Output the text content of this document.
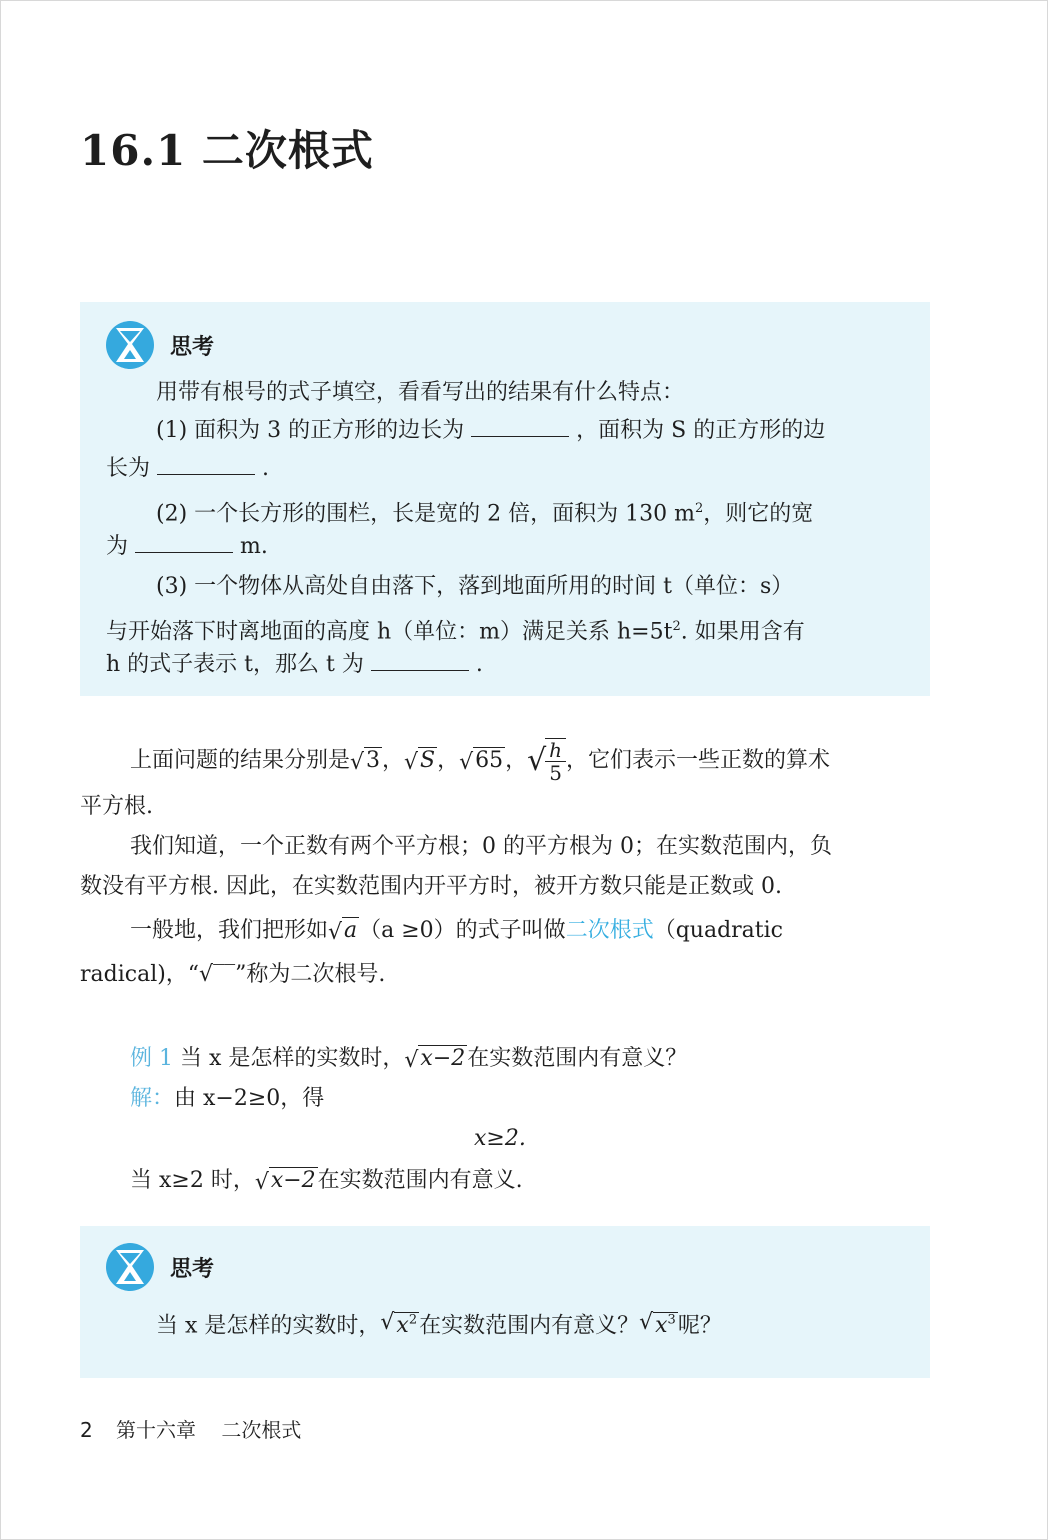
16.1 二次根式
思考
用带有根号的式子填空，看看写出的结果有什么特点：
(1) 面积为 3 的正方形的边长为	，面积为 S 的正方形的边
长为	.
(2) 一个长方形的围栏，长是宽的 2 倍，面积为 130 $m^2$，则它的宽
为	m.
(3) 一个物体从高处自由落下，落到地面所用的时间 t（单位：s）
与开始落下时离地面的高度 h（单位：m）满足关系 $h=5t^2$. 如果用含有
h 的式子表示 t，那么 t 为	.
上面问题的结果分别是 √ 3， √ S， √ 65， √
$\frac{h}{5}$ ，它们表示一些正数的算术
平方根.
我们知道，一个正数有两个平方根；0 的平方根为 0；在实数范围内，负
数没有平方根. 因此，在实数范围内开平方时，被开方数只能是正数或 0.
一般地，我们把形如 √ a（a ≥0）的式子叫做二次根式（quadratic
radical)，“√‾‾”称为二次根号.
例 1 当 x 是怎样的实数时， √ x−2在实数范围内有意义？
解：由 x−2≥0，得
x≥2.
当 x≥2 时， √ x−2在实数范围内有意义.
思考
当 x 是怎样的实数时， √ $x^2$在实数范围内有意义？ √ $x^3$呢？
2 第十六章    二次根式
